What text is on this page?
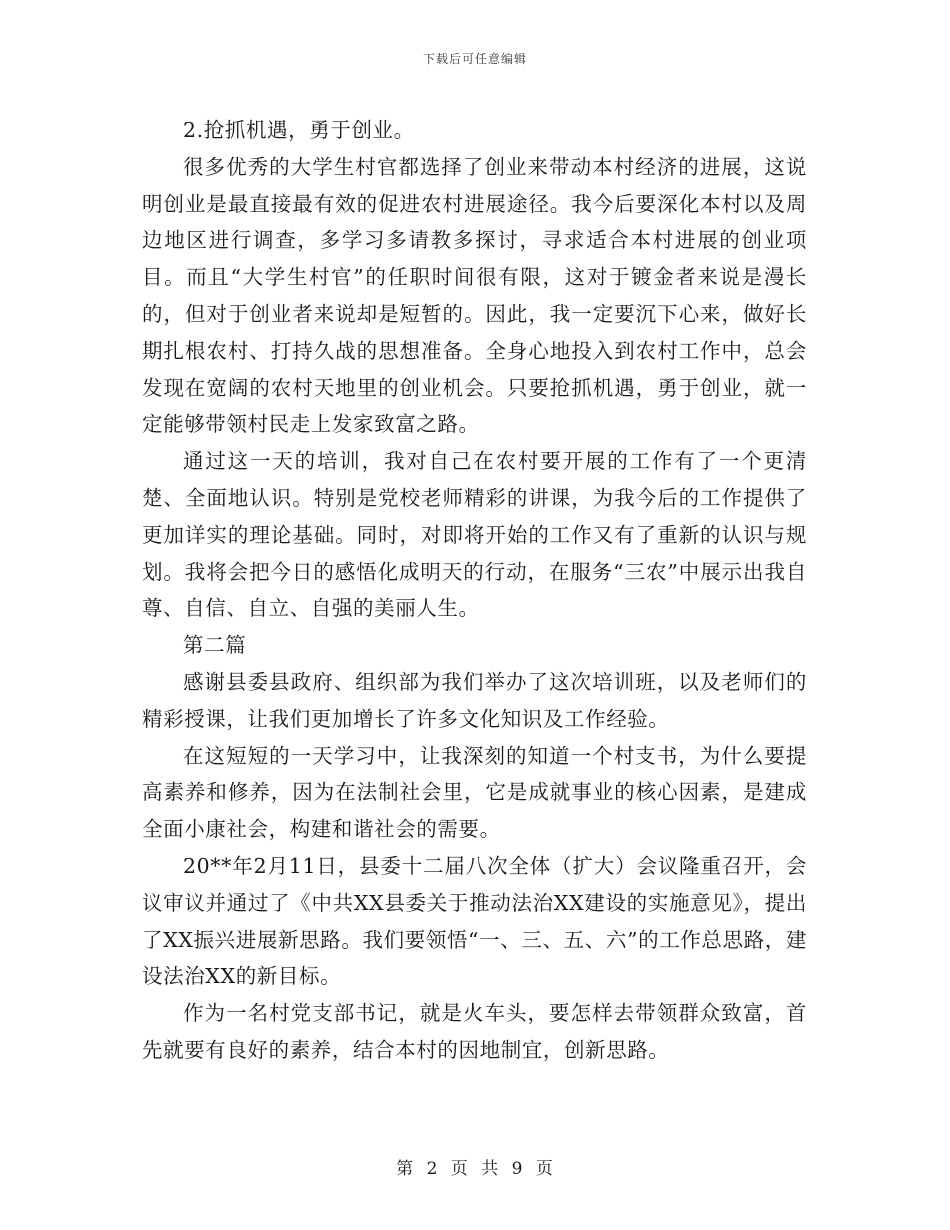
下载后可任意编辑

2.抢抓机遇，勇于创业。

很多优秀的大学生村官都选择了创业来带动本村经济的进展，这说明创业是最直接最有效的促进农村进展途径。我今后要深化本村以及周边地区进行调查，多学习多请教多探讨，寻求适合本村进展的创业项目。而且“大学生村官”的任职时间很有限，这对于镀金者来说是漫长的，但对于创业者来说却是短暂的。因此，我一定要沉下心来，做好长期扎根农村、打持久战的思想准备。全身心地投入到农村工作中，总会发现在宽阔的农村天地里的创业机会。只要抢抓机遇，勇于创业，就一定能够带领村民走上发家致富之路。

通过这一天的培训，我对自己在农村要开展的工作有了一个更清楚、全面地认识。特别是党校老师精彩的讲课，为我今后的工作提供了更加详实的理论基础。同时，对即将开始的工作又有了重新的认识与规划。我将会把今日的感悟化成明天的行动，在服务“三农”中展示出我自尊、自信、自立、自强的美丽人生。

第二篇

感谢县委县政府、组织部为我们举办了这次培训班，以及老师们的精彩授课，让我们更加增长了许多文化知识及工作经验。

在这短短的一天学习中，让我深刻的知道一个村支书，为什么要提高素养和修养，因为在法制社会里，它是成就事业的核心因素，是建成全面小康社会，构建和谐社会的需要。

20**年2月11日，县委十二届八次全体（扩大）会议隆重召开，会议审议并通过了《中共XX县委关于推动法治XX建设的实施意见》，提出了XX振兴进展新思路。我们要领悟“一、三、五、六”的工作总思路，建设法治XX的新目标。

作为一名村党支部书记，就是火车头，要怎样去带领群众致富，首先就要有良好的素养，结合本村的因地制宜，创新思路。

第 2 页 共 9 页
